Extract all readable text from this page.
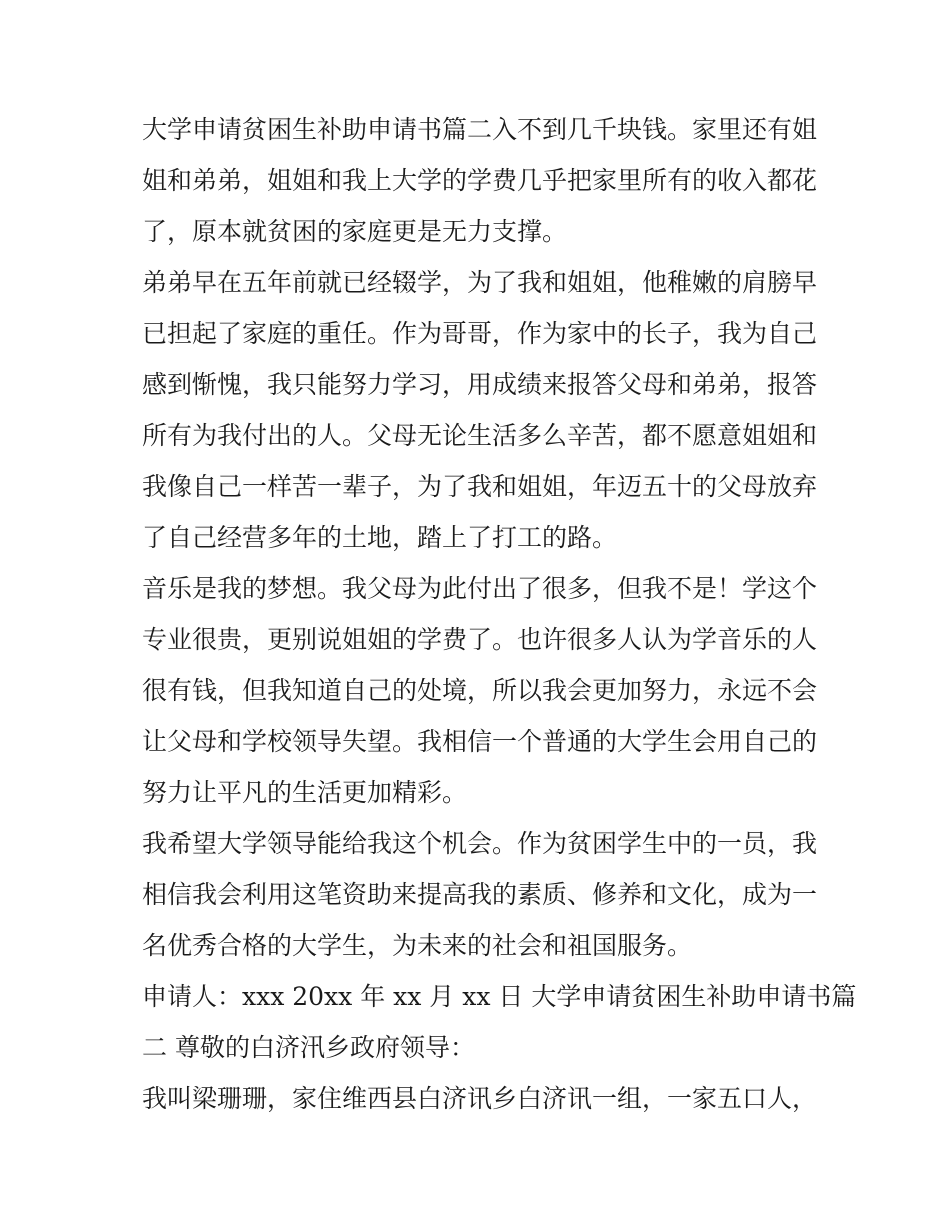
大学申请贫困生补助申请书篇二入不到几千块钱。家里还有姐
姐和弟弟，姐姐和我上大学的学费几乎把家里所有的收入都花
了，原本就贫困的家庭更是无力支撑。
弟弟早在五年前就已经辍学，为了我和姐姐，他稚嫩的肩膀早
已担起了家庭的重任。作为哥哥，作为家中的长子，我为自己
感到惭愧，我只能努力学习，用成绩来报答父母和弟弟，报答
所有为我付出的人。父母无论生活多么辛苦，都不愿意姐姐和
我像自己一样苦一辈子，为了我和姐姐，年迈五十的父母放弃
了自己经营多年的土地，踏上了打工的路。
音乐是我的梦想。我父母为此付出了很多，但我不是！学这个
专业很贵，更别说姐姐的学费了。也许很多人认为学音乐的人
很有钱，但我知道自己的处境，所以我会更加努力，永远不会
让父母和学校领导失望。我相信一个普通的大学生会用自己的
努力让平凡的生活更加精彩。
我希望大学领导能给我这个机会。作为贫困学生中的一员，我
相信我会利用这笔资助来提高我的素质、修养和文化，成为一
名优秀合格的大学生，为未来的社会和祖国服务。
申请人：xxx 20xx 年 xx 月 xx 日 大学申请贫困生补助申请书篇
二 尊敬的白济汛乡政府领导：
我叫梁珊珊，家住维西县白济讯乡白济讯一组，一家五口人，
